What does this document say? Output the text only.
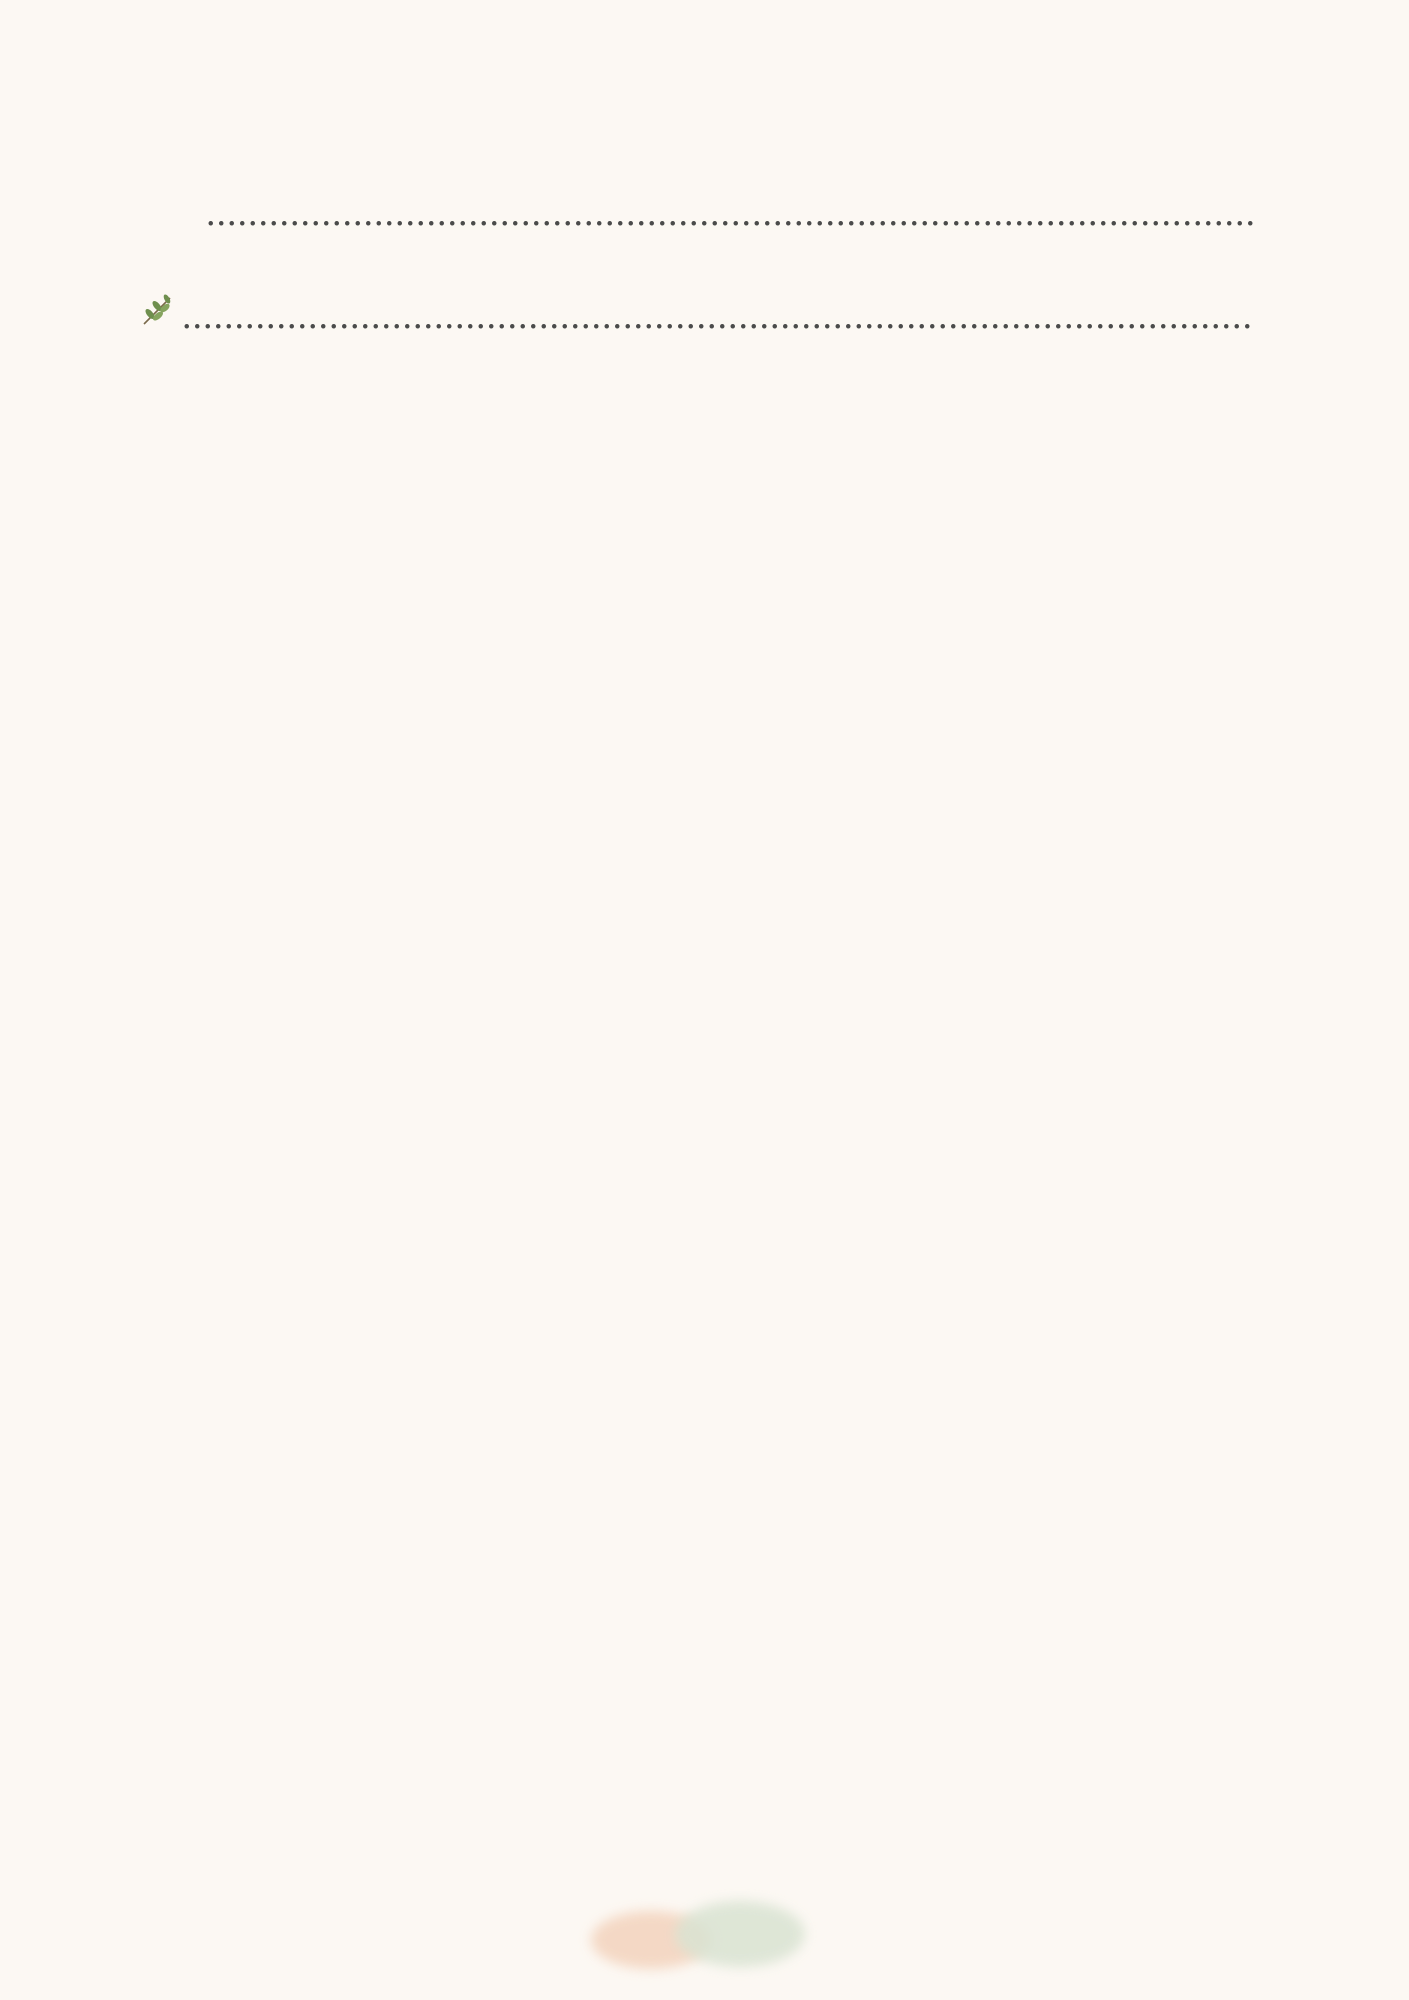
.....
.....
